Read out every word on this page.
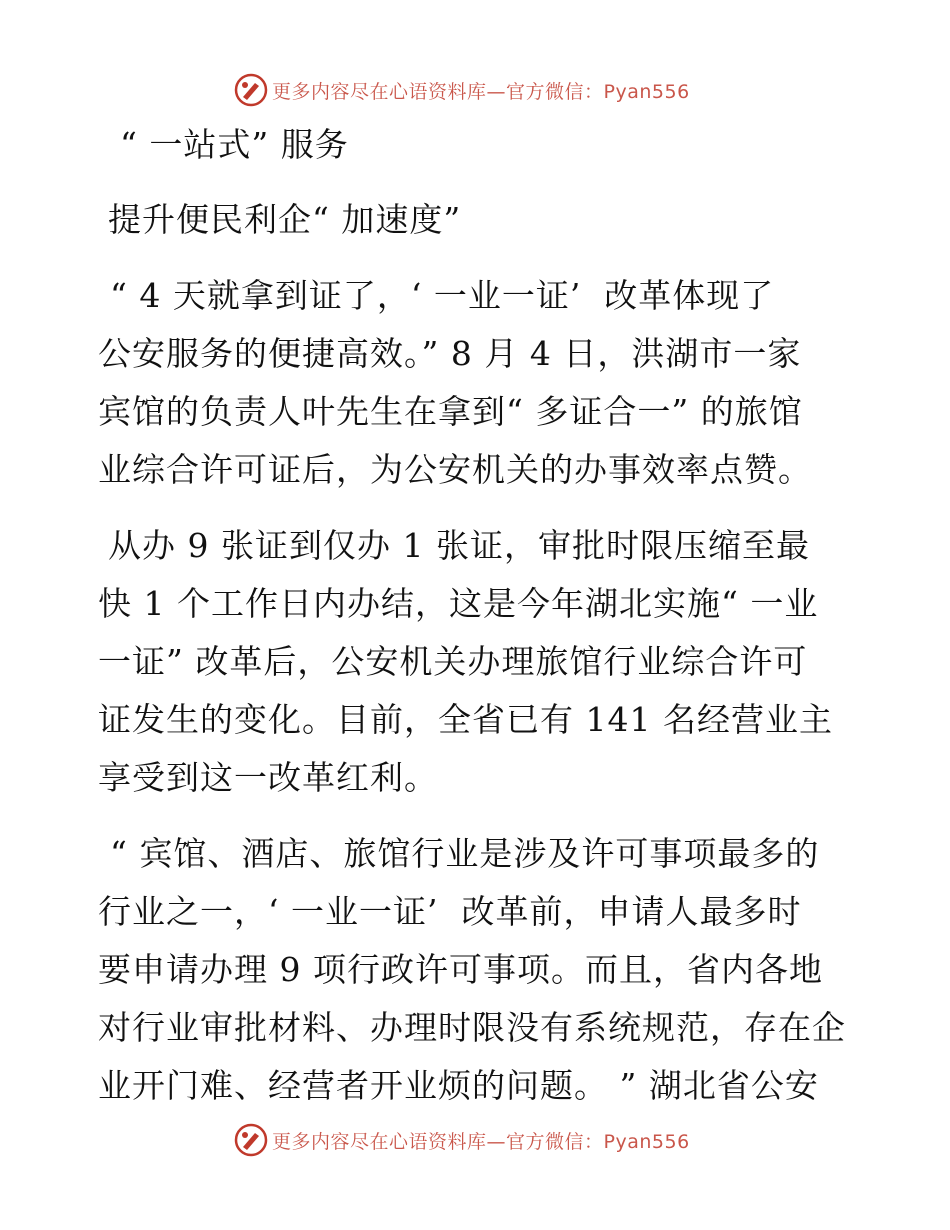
更多内容尽在心语资料库—官方微信：Pyan556
“ 一站式” 服务
提升便民利企“ 加速度”
“ 4 天就拿到证了，‘ 一业一证’  改革体现了
公安服务的便捷高效。” 8 月 4 日，洪湖市一家
宾馆的负责人叶先生在拿到“ 多证合一” 的旅馆
业综合许可证后，为公安机关的办事效率点赞。
从办 9 张证到仅办 1 张证，审批时限压缩至最
快 1 个工作日内办结，这是今年湖北实施“ 一业
一证” 改革后，公安机关办理旅馆行业综合许可
证发生的变化。目前，全省已有 141 名经营业主
享受到这一改革红利。
“ 宾馆、酒店、旅馆行业是涉及许可事项最多的
行业之一，‘ 一业一证’  改革前，申请人最多时
要申请办理 9 项行政许可事项。而且，省内各地
对行业审批材料、办理时限没有系统规范，存在企
业开门难、经营者开业烦的问题。 ” 湖北省公安
更多内容尽在心语资料库—官方微信：Pyan556
